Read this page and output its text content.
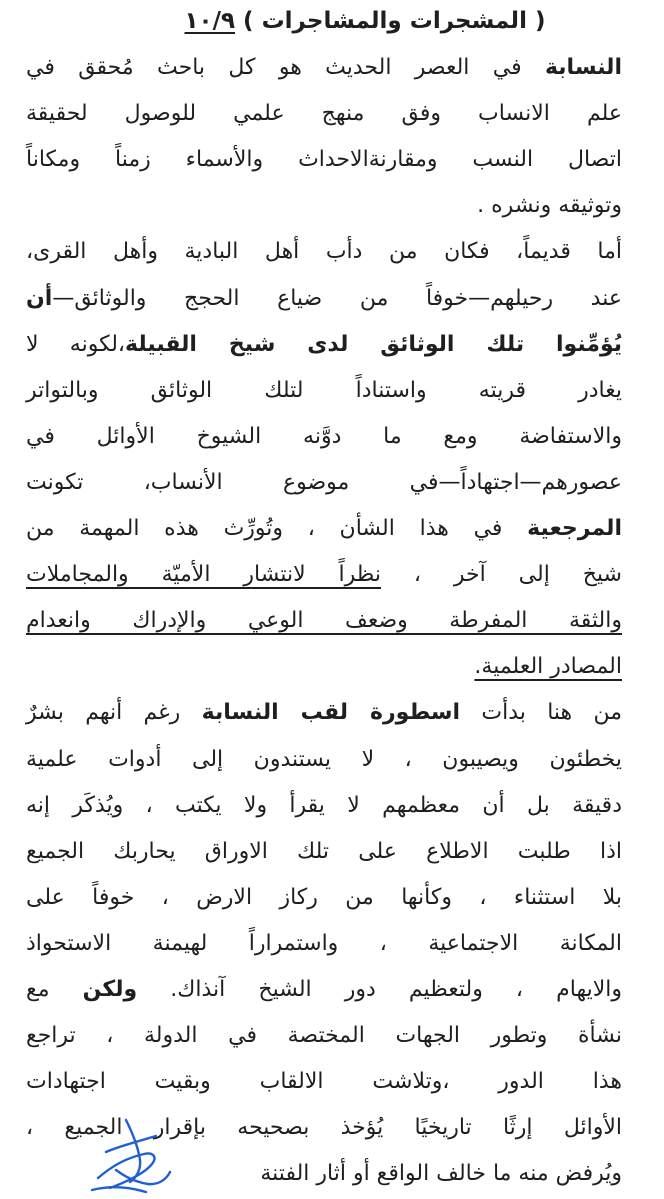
( المشجرات والمشاجرات ) ١٠/٩
النسابة في العصر الحديث هو كل باحث مُحقق في
علم الانساب وفق منهج علمي للوصول لحقيقة
اتصال النسب ومقارنةالاحداث والأسماء زمناً ومكاناً
وتوثيقه ونشره .
أما قديماً، فكان من دأب أهل البادية وأهل القرى،
عند رحيلهم—خوفاً من ضياع الحجج والوثائق—أن
يُؤمِّنوا تلك الوثائق لدى شيخ القبيلة،لكونه لا
يغادر قريته واستناداً لتلك الوثائق وبالتواتر
والاستفاضة ومع ما دوَّنه الشيوخ الأوائل في
عصورهم—اجتهاداً—في موضوع الأنساب، تكونت
المرجعية في هذا الشأن ، وتُورِّث هذه المهمة من
شيخ إلى آخر ، نظراً لانتشار الأميّة والمجاملات
والثقة المفرطة وضعف الوعي والإدراك وانعدام
المصادر العلمية.
من هنا بدأت اسطورة لقب النسابة رغم أنهم بشرٌ
يخطئون ويصيبون ، لا يستندون إلى أدوات علمية
دقيقة بل أن معظمهم لا يقرأ ولا يكتب ، ويُذكَر إنه
اذا طلبت الاطلاع على تلك الاوراق يحاربك الجميع
بلا استثناء ، وكأنها من ركاز الارض ، خوفاً على
المكانة الاجتماعية ، واستمراراً لهيمنة الاستحواذ
والايهام ، ولتعظيم دور الشيخ آنذاك. ولكن مع
نشأة وتطور الجهات المختصة في الدولة ، تراجع
هذا الدور ،وتلاشت الالقاب وبقيت اجتهادات
الأوائل إرثًا تاريخيًا يُؤخذ بصحيحه بإقرار الجميع ،
ويُرفض منه ما خالف الواقع أو أثار الفتنة
